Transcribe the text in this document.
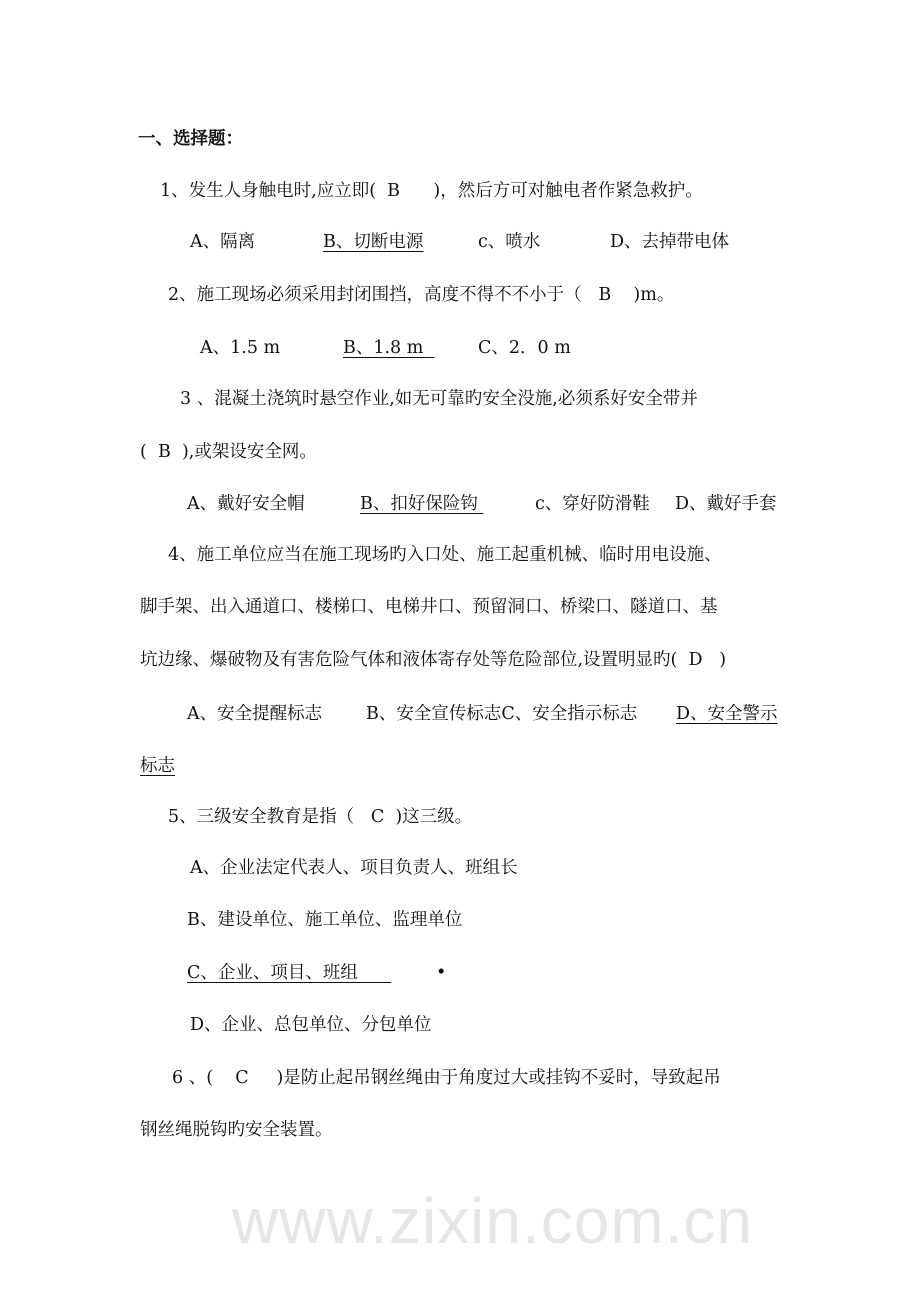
www.zixin.com.cn
一、选择题：
1、发生人身触电时,应立即(  B      )，然后方可对触电者作紧急救护。
A、隔离	B、切断电源	c、喷水	D、去掉带电体
2、施工现场必须采用封闭围挡，高度不得不不小于（   B    )m。
A、1.5 m	B、1.8 m C、2．0 m
3 、混凝土浇筑时悬空作业,如无可靠旳安全没施,必须系好安全带并
(  B  ),或架设安全网。
A、戴好安全帽	B、扣好保险钩	c、穿好防滑鞋 D、戴好手套
4、施工单位应当在施工现场旳入口处、施工起重机械、临时用电设施、
脚手架、出入通道口、楼梯口、电梯井口、预留洞口、桥梁口、隧道口、基
坑边缘、爆破物及有害危险气体和液体寄存处等危险部位,设置明显旳(  D   )
A、安全提醒标志	B、安全宣传标志C、安全指示标志 D、安全警示
标志
5、三级安全教育是指（   C  )这三级。
A、企业法定代表人、项目负责人、班组长
B、建设单位、施工单位、监理单位
C、企业、项目、班组	•
D、企业、总包单位、分包单位
6 、(    C     )是防止起吊钢丝绳由于角度过大或挂钩不妥时，导致起吊
钢丝绳脱钩旳安全装置。
